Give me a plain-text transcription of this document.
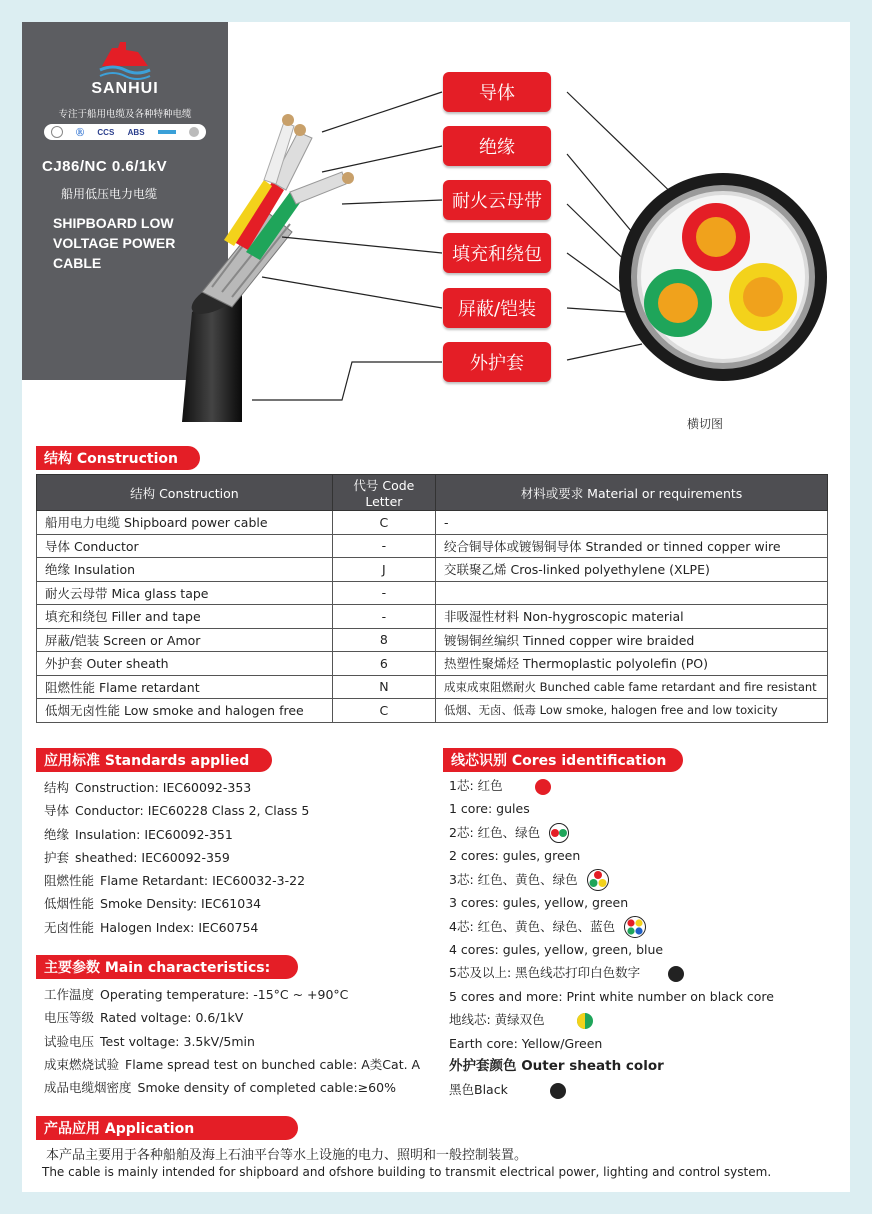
SANHUI
专注于船用电缆及各种特种电缆
Ⓡ CCS ABS
CJ86/NC 0.6/1kV
船用低压电力电缆
SHIPBOARD LOW
VOLTAGE POWER
CABLE
导体
绝缘
耐火云母带
填充和绕包
屏蔽/铠装
外护套
横切图
结构 Construction
结构 Construction	代号 Code Letter	材料或要求 Material or requirements
船用电力电缆 Shipboard power cable	C	-
导体 Conductor	-	绞合铜导体或镀锡铜导体 Stranded or tinned copper wire
绝缘 Insulation	J	交联聚乙烯 Cros-linked polyethylene (XLPE)
耐火云母带 Mica glass tape	-	
填充和绕包 Filler and tape	-	非吸湿性材料 Non-hygroscopic material
屏蔽/铠装 Screen or Amor	8	镀锡铜丝编织 Tinned copper wire braided
外护套 Outer sheath	6	热塑性聚烯烃 Thermoplastic polyolefin (PO)
阻燃性能 Flame retardant	N	成束成束阻燃耐火 Bunched cable fame retardant and fire resistant
低烟无卤性能 Low smoke and halogen free	C	低烟、无卤、低毒 Low smoke, halogen free and low toxicity
应用标准 Standards applied
结构 Construction: IEC60092-353
导体 Conductor: IEC60228 Class 2, Class 5
绝缘 Insulation: IEC60092-351
护套 sheathed: IEC60092-359
阻燃性能 Flame Retardant: IEC60032-3-22
低烟性能 Smoke Density: IEC61034
无卤性能 Halogen Index: IEC60754
主要参数 Main characteristics:
工作温度 Operating temperature: -15°C ~ +90°C
电压等级 Rated voltage: 0.6/1kV
试验电压 Test voltage: 3.5kV/5min
成束燃烧试验 Flame spread test on bunched cable: A类Cat. A
成品电缆烟密度 Smoke density of completed cable:≥60%
线芯识别 Cores identification
1芯: 红色
1 core: gules
2芯: 红色、绿色
2 cores: gules, green
3芯: 红色、黄色、绿色
3 cores: gules, yellow, green
4芯: 红色、黄色、绿色、蓝色
4 cores: gules, yellow, green, blue
5芯及以上: 黑色线芯打印白色数字
5 cores and more: Print white number on black core
地线芯: 黄绿双色
Earth core: Yellow/Green
外护套颜色 Outer sheath color
黑色Black
产品应用 Application
本产品主要用于各种船舶及海上石油平台等水上设施的电力、照明和一般控制装置。
The cable is mainly intended for shipboard and ofshore building to transmit electrical power, lighting and control system.
